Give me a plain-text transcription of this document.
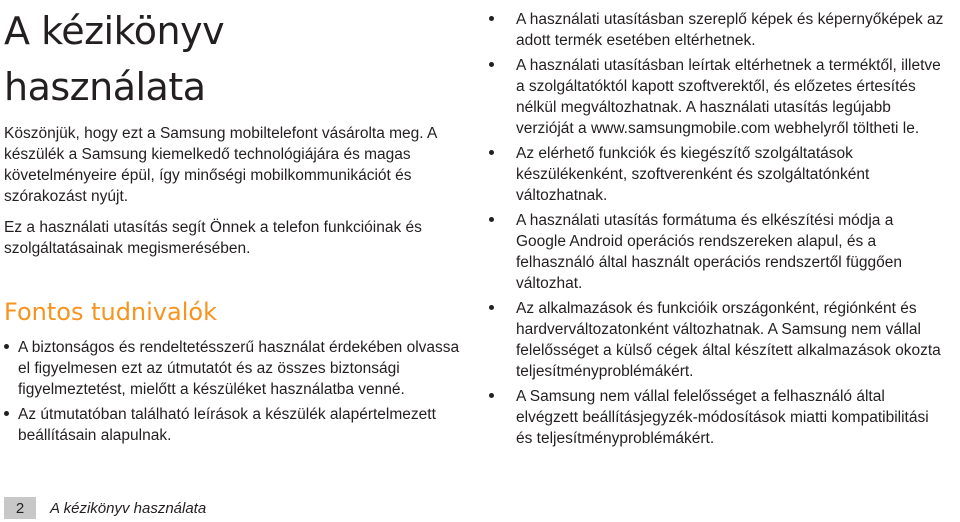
A kézikönyv
használata

Köszönjük, hogy ezt a Samsung mobiltelefont vásárolta meg. A készülék a Samsung kiemelkedő technológiájára és magas követelményeire épül, így minőségi mobilkommunikációt és szórakozást nyújt.

Ez a használati utasítás segít Önnek a telefon funkcióinak és szolgáltatásainak megismerésében.

Fontos tudnivalók
A biztonságos és rendeltetésszerű használat érdekében olvassa el figyelmesen ezt az útmutatót és az összes biztonsági figyelmeztetést, mielőtt a készüléket használatba venné.
Az útmutatóban található leírások a készülék alapértelmezett beállításain alapulnak.
A használati utasításban szereplő képek és képernyőképek az adott termék esetében eltérhetnek.
A használati utasításban leírtak eltérhetnek a terméktől, illetve a szolgáltatóktól kapott szoftverektől, és előzetes értesítés nélkül megváltozhatnak. A használati utasítás legújabb verzióját a www.samsungmobile.com webhelyről töltheti le.
Az elérhető funkciók és kiegészítő szolgáltatások készülékenként, szoftverenként és szolgáltatónként változhatnak.
A használati utasítás formátuma és elkészítési módja a Google Android operációs rendszereken alapul, és a felhasználó által használt operációs rendszertől függően változhat.
Az alkalmazások és funkcióik országonként, régiónként és hardverváltozatonként változhatnak. A Samsung nem vállal felelősséget a külső cégek által készített alkalmazások okozta teljesítményproblémákért.
A Samsung nem vállal felelősséget a felhasználó által elvégzett beállításjegyzék-módosítások miatti kompatibilitási és teljesítményproblémákért.
2	A kézikönyv használata
